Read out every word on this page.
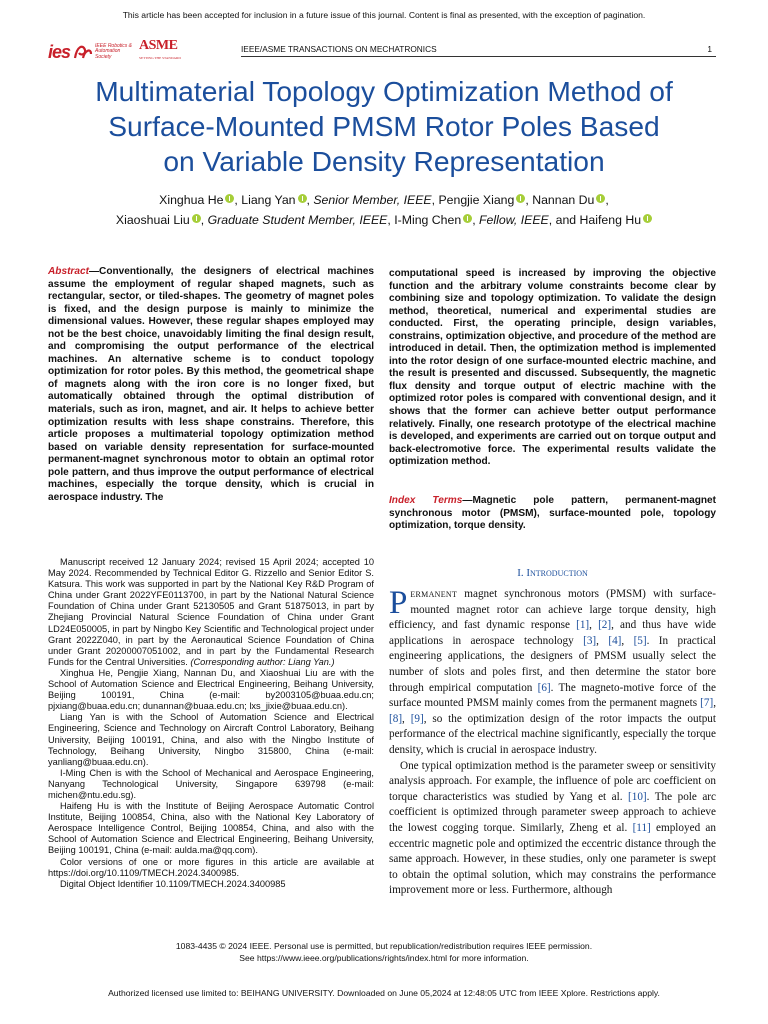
This article has been accepted for inclusion in a future issue of this journal. Content is final as presented, with the exception of pagination.
ies	IEEE Robotics & Automation Society
ASME
SETTING THE STANDARD
IEEE/ASME TRANSACTIONS ON MECHATRONICS	1
Multimaterial Topology Optimization Method of
Surface-Mounted PMSM Rotor Poles Based
on Variable Density Representation
Xinghua He , Liang Yan , Senior Member, IEEE, Pengjie Xiang , Nannan Du ,
Xiaoshuai Liu , Graduate Student Member, IEEE, I-Ming Chen , Fellow, IEEE, and Haifeng Hu
Abstract—Conventionally, the designers of electrical machines assume the employment of regular shaped magnets, such as rectangular, sector, or tiled-shapes. The geometry of magnet poles is fixed, and the design purpose is mainly to minimize the dimensional values. However, these regular shapes employed may not be the best choice, unavoidably limiting the final design result, and compromising the output performance of the electrical machines. An alternative scheme is to conduct topology optimization for rotor poles. By this method, the geometrical shape of magnets along with the iron core is no longer fixed, but automatically obtained through the optimal distribution of materials, such as iron, magnet, and air. It helps to achieve better optimization results with less shape constrains. Therefore, this article proposes a multimaterial topology optimization method based on variable density representation for surface-mounted permanent-magnet synchronous motor to obtain an optimal rotor pole pattern, and thus improve the output performance of electrical machines, especially the torque density, which is crucial in aerospace industry. The
computational speed is increased by improving the objective function and the arbitrary volume constraints become clear by combining size and topology optimization. To validate the design method, theoretical, numerical and experimental studies are conducted. First, the operating principle, design variables, constrains, optimization objective, and procedure of the method are introduced in detail. Then, the optimization method is implemented into the rotor design of one surface-mounted electric machine, and the result is presented and discussed. Subsequently, the magnetic flux density and torque output of electric machine with the optimized rotor poles is compared with conventional design, and it shows that the former can achieve better output performance relatively. Finally, one research prototype of the electrical machine is developed, and experiments are carried out on torque output and back-electromotive force. The experimental results validate the optimization method.
Index Terms—Magnetic pole pattern, permanent-magnet synchronous motor (PMSM), surface-mounted pole, topology optimization, torque density.

Manuscript received 12 January 2024; revised 15 April 2024; accepted 10 May 2024. Recommended by Technical Editor G. Rizzello and Senior Editor S. Katsura. This work was supported in part by the National Key R&D Program of China under Grant 2022YFE0113700, in part by the National Natural Science Foundation of China under Grant 52130505 and Grant 51875013, in part by Zhejiang Provincial Natural Science Foundation of China under Grant LD24E050005, in part by Ningbo Key Scientific and Technological project under Grant 2022Z040, in part by the Aeronautical Science Foundation of China under Grant 20200007051002, and in part by the Fundamental Research Funds for the Central Universities. (Corresponding author: Liang Yan.)

Xinghua He, Pengjie Xiang, Nannan Du, and Xiaoshuai Liu are with the School of Automation Science and Electrical Engineering, Beihang University, Beijing 100191, China (e-mail: by2003105@buaa.edu.cn; pjxiang@buaa.edu.cn; dunannan@buaa.edu.cn; lxs_jixie@buaa.edu.cn).

Liang Yan is with the School of Automation Science and Electrical Engineering, Science and Technology on Aircraft Control Laboratory, Beihang University, Beijing 100191, China, and also with the Ningbo Institute of Technology, Beihang University, Ningbo 315800, China (e-mail: yanliang@buaa.edu.cn).

I-Ming Chen is with the School of Mechanical and Aerospace Engineering, Nanyang Technological University, Singapore 639798 (e-mail: michen@ntu.edu.sg).

Haifeng Hu is with the Institute of Beijing Aerospace Automatic Control Institute, Beijing 100854, China, also with the National Key Laboratory of Aerospace Intelligence Control, Beijing 100854, China, and also with the School of Automation Science and Electrical Engineering, Beihang University, Beijing 100191, China (e-mail: aulda.ma@qq.com).

Color versions of one or more figures in this article are available at https://doi.org/10.1109/TMECH.2024.3400985.

Digital Object Identifier 10.1109/TMECH.2024.3400985

I. Introduction

Permanent magnet synchronous motors (PMSM) with surface-mounted magnet rotor can achieve large torque density, high efficiency, and fast dynamic response [1], [2], and thus have wide applications in aerospace technology [3], [4], [5]. In practical engineering applications, the designers of PMSM usually select the number of slots and poles first, and then determine the stator bore through empirical computation [6]. The magneto-motive force of the surface mounted PMSM mainly comes from the permanent magnets [7], [8], [9], so the optimization design of the rotor impacts the output performance of the electrical machine significantly, especially the torque density, which is crucial in aerospace industry.

One typical optimization method is the parameter sweep or sensitivity analysis approach. For example, the influence of pole arc coefficient on torque characteristics was studied by Yang et al. [10]. The pole arc coefficient is optimized through parameter sweep approach to achieve the lowest cogging torque. Similarly, Zheng et al. [11] employed an eccentric magnetic pole and optimized the eccentric distance through the same approach. However, in these studies, only one parameter is swept to obtain the optimal solution, which may constrains the performance improvement more or less. Furthermore, although

1083-4435 © 2024 IEEE. Personal use is permitted, but republication/redistribution requires IEEE permission.
See https://www.ieee.org/publications/rights/index.html for more information.
Authorized licensed use limited to: BEIHANG UNIVERSITY. Downloaded on June 05,2024 at 12:48:05 UTC from IEEE Xplore. Restrictions apply.
